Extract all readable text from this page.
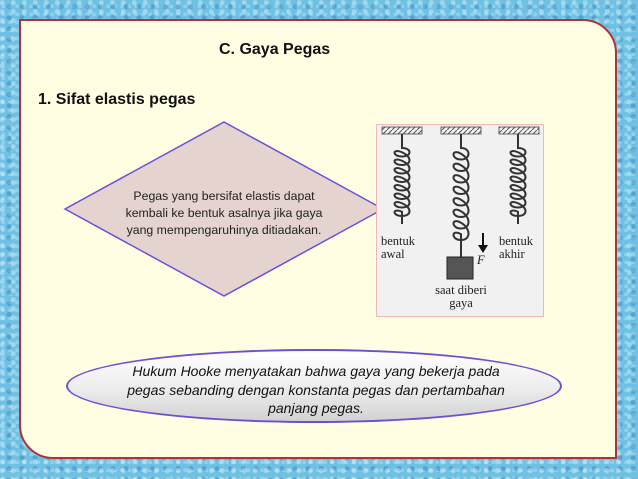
C. Gaya Pegas
1. Sifat elastis pegas
Pegas yang bersifat elastis dapat
kembali ke bentuk asalnya jika gaya
yang mempengaruhinya ditiadakan.
bentuk
awal
bentuk
akhir
F
saat diberi
gaya
Hukum Hooke menyatakan bahwa gaya yang bekerja pada
pegas sebanding dengan konstanta pegas dan pertambahan
panjang pegas.
